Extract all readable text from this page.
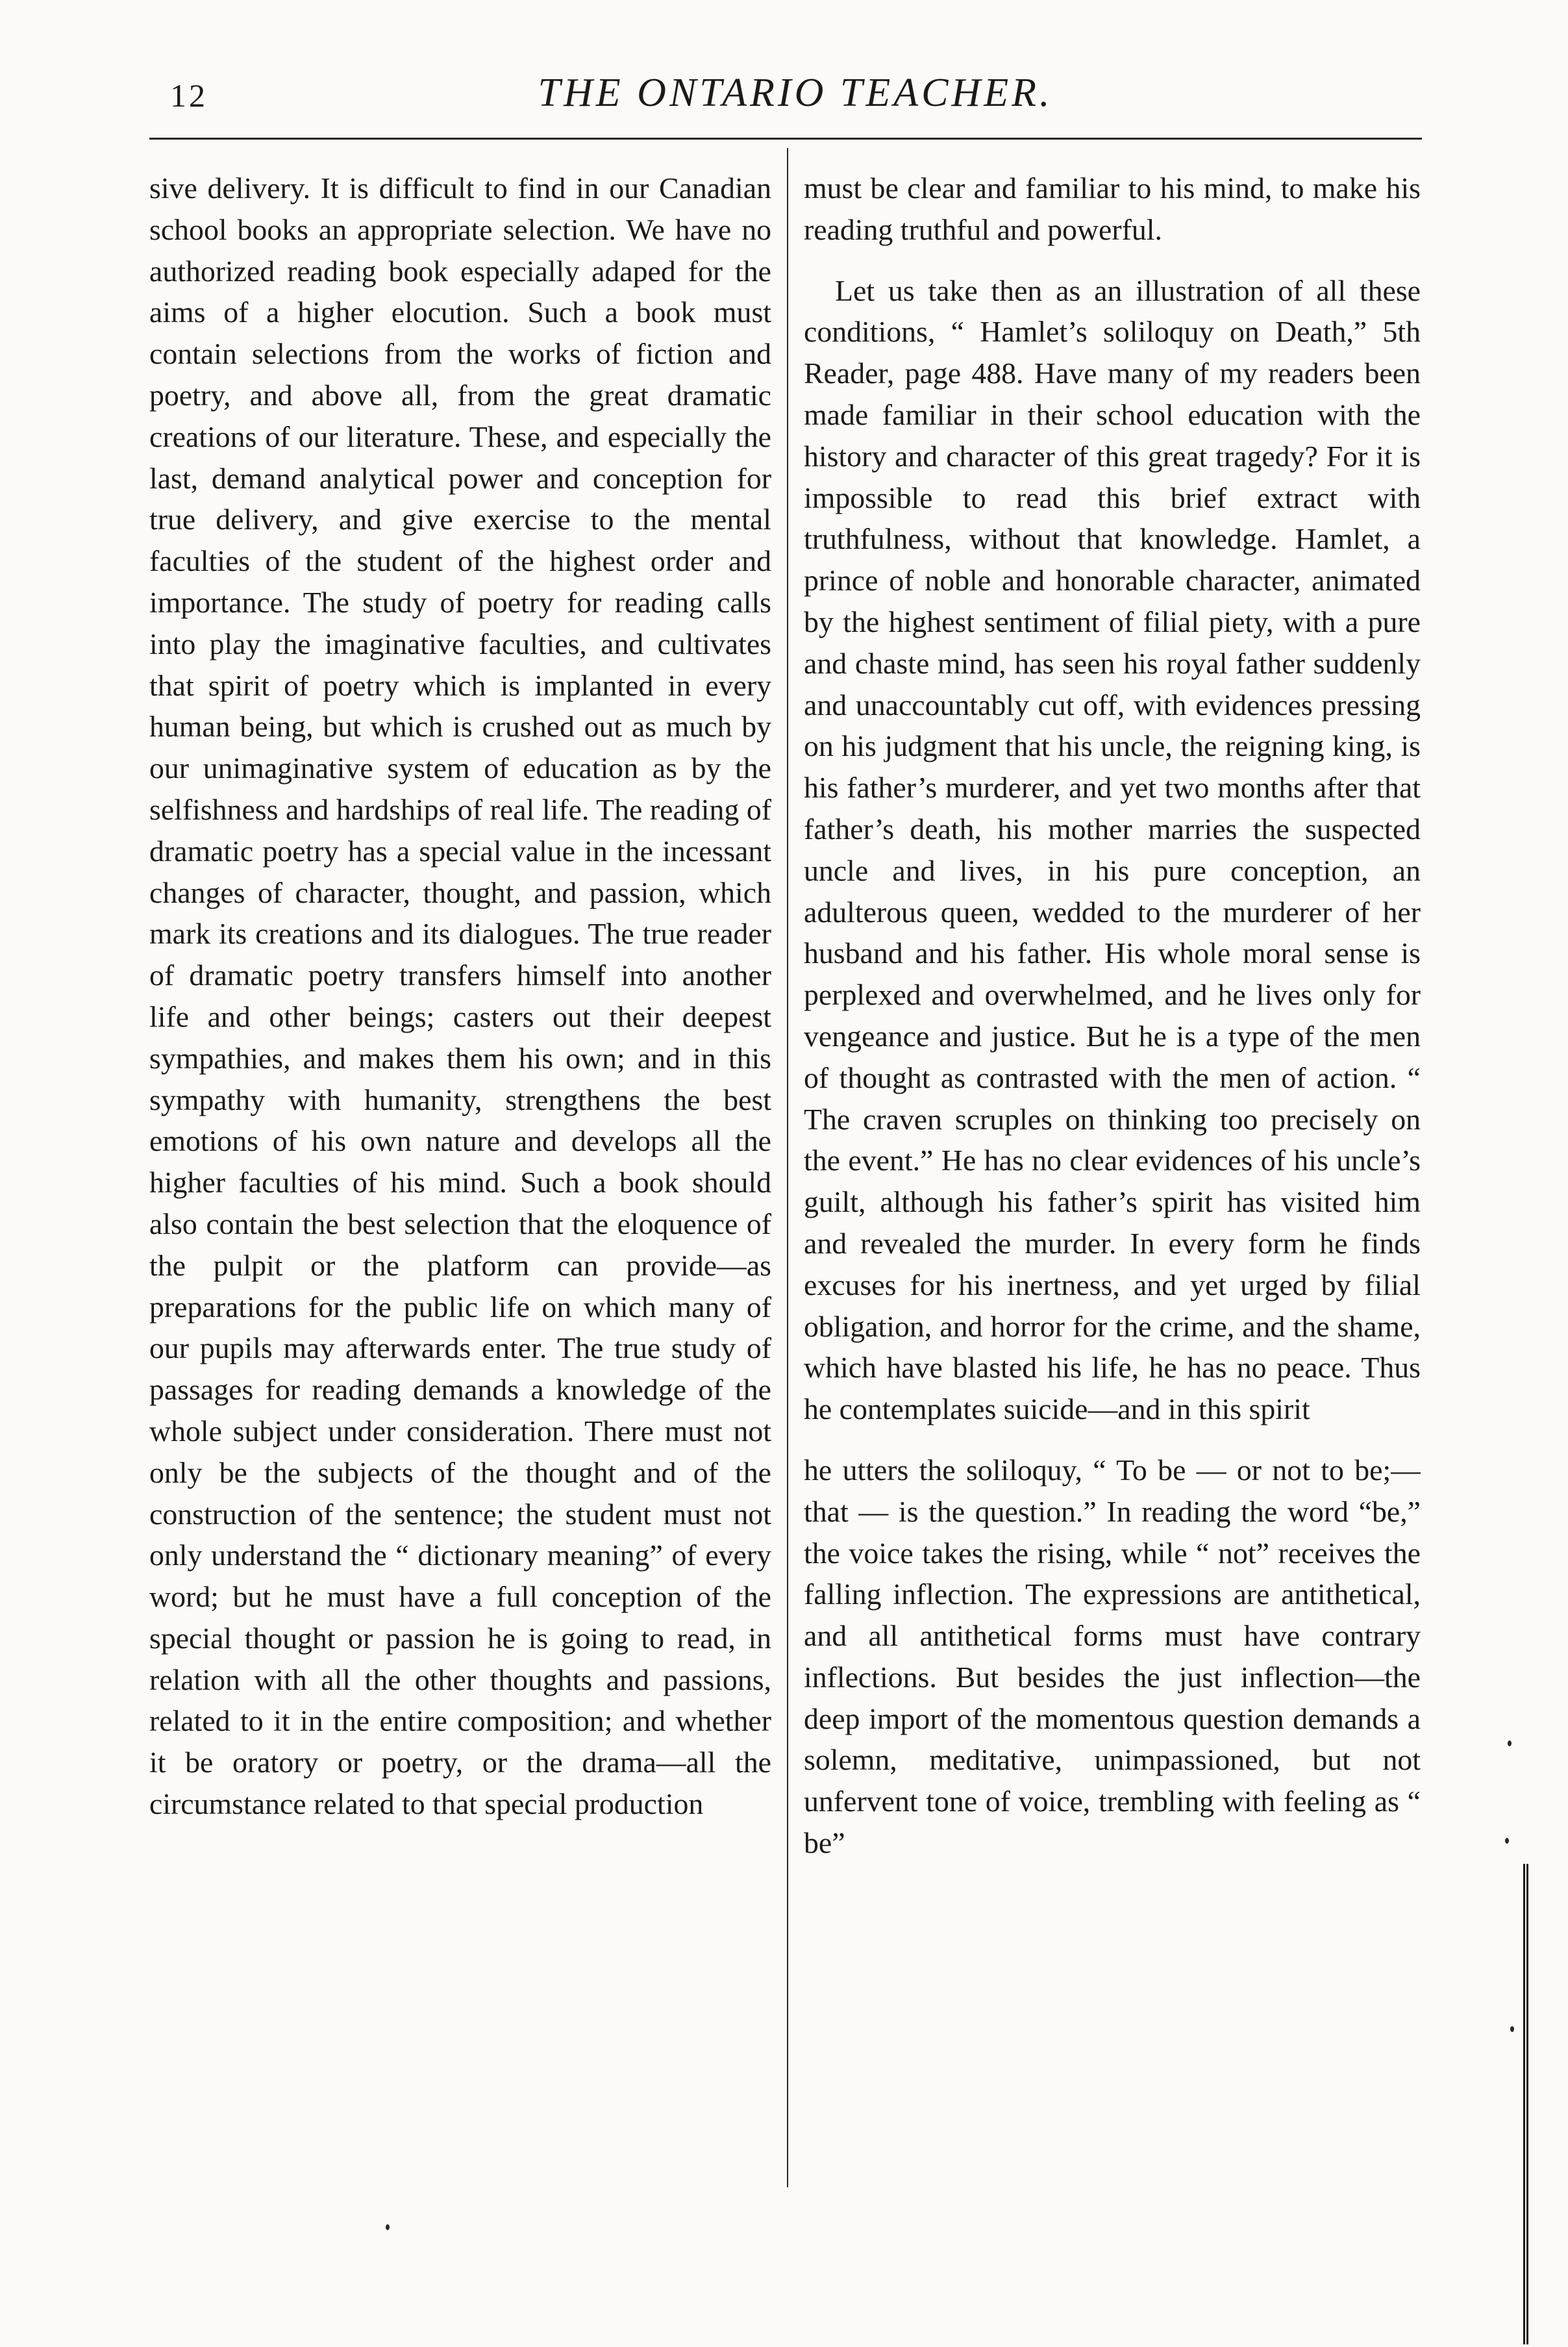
12	THE ONTARIO TEACHER.

sive delivery. It is difficult to find in our Canadian school books an appropriate selection. We have no authorized reading book especially adaped for the aims of a higher elocution. Such a book must contain selections from the works of fiction and poetry, and above all, from the great dramatic creations of our literature. These, and especially the last, demand analytical power and conception for true delivery, and give exercise to the mental faculties of the student of the highest order and importance. The study of poetry for reading calls into play the imaginative faculties, and cultivates that spirit of poetry which is implanted in every human being, but which is crushed out as much by our unimaginative system of education as by the selfishness and hardships of real life. The reading of dramatic poetry has a special value in the incessant changes of character, thought, and passion, which mark its creations and its dialogues. The true reader of dramatic poetry transfers himself into another life and other beings; casters out their deepest sympathies, and makes them his own; and in this sympathy with humanity, strengthens the best emotions of his own nature and develops all the higher faculties of his mind. Such a book should also contain the best selection that the eloquence of the pulpit or the platform can provide—as preparations for the public life on which many of our pupils may afterwards enter. The true study of passages for reading demands a knowledge of the whole subject under consideration. There must not only be the subjects of the thought and of the construction of the sentence; the student must not only understand the “ dictionary meaning” of every word; but he must have a full conception of the special thought or passion he is going to read, in relation with all the other thoughts and passions, related to it in the entire composition; and whether it be oratory or poetry, or the drama—all the circumstance related to that special production

must be clear and familiar to his mind, to make his reading truthful and powerful.

Let us take then as an illustration of all these conditions, “ Hamlet’s soliloquy on Death,” 5th Reader, page 488. Have many of my readers been made familiar in their school education with the history and character of this great tragedy? For it is impossible to read this brief extract with truthfulness, without that knowledge. Hamlet, a prince of noble and honorable character, animated by the highest sentiment of filial piety, with a pure and chaste mind, has seen his royal father suddenly and unaccountably cut off, with evidences pressing on his judgment that his uncle, the reigning king, is his father’s murderer, and yet two months after that father’s death, his mother marries the suspected uncle and lives, in his pure conception, an adulterous queen, wedded to the murderer of her husband and his father. His whole moral sense is perplexed and overwhelmed, and he lives only for vengeance and justice. But he is a type of the men of thought as contrasted with the men of action. “ The craven scruples on thinking too precisely on the event.” He has no clear evidences of his uncle’s guilt, although his father’s spirit has visited him and revealed the murder. In every form he finds excuses for his inertness, and yet urged by filial obligation, and horror for the crime, and the shame, which have blasted his life, he has no peace. Thus he contemplates suicide—and in this spirit

he utters the soliloquy, “ To be — or not to be;—that — is the question.” In reading the word “be,” the voice takes the rising, while “ not” receives the falling inflection. The expressions are antithetical, and all antithetical forms must have contrary inflections. But besides the just inflection—the deep import of the momentous question demands a solemn, meditative, unimpassioned, but not unfervent tone of voice, trembling with feeling as “ be”
